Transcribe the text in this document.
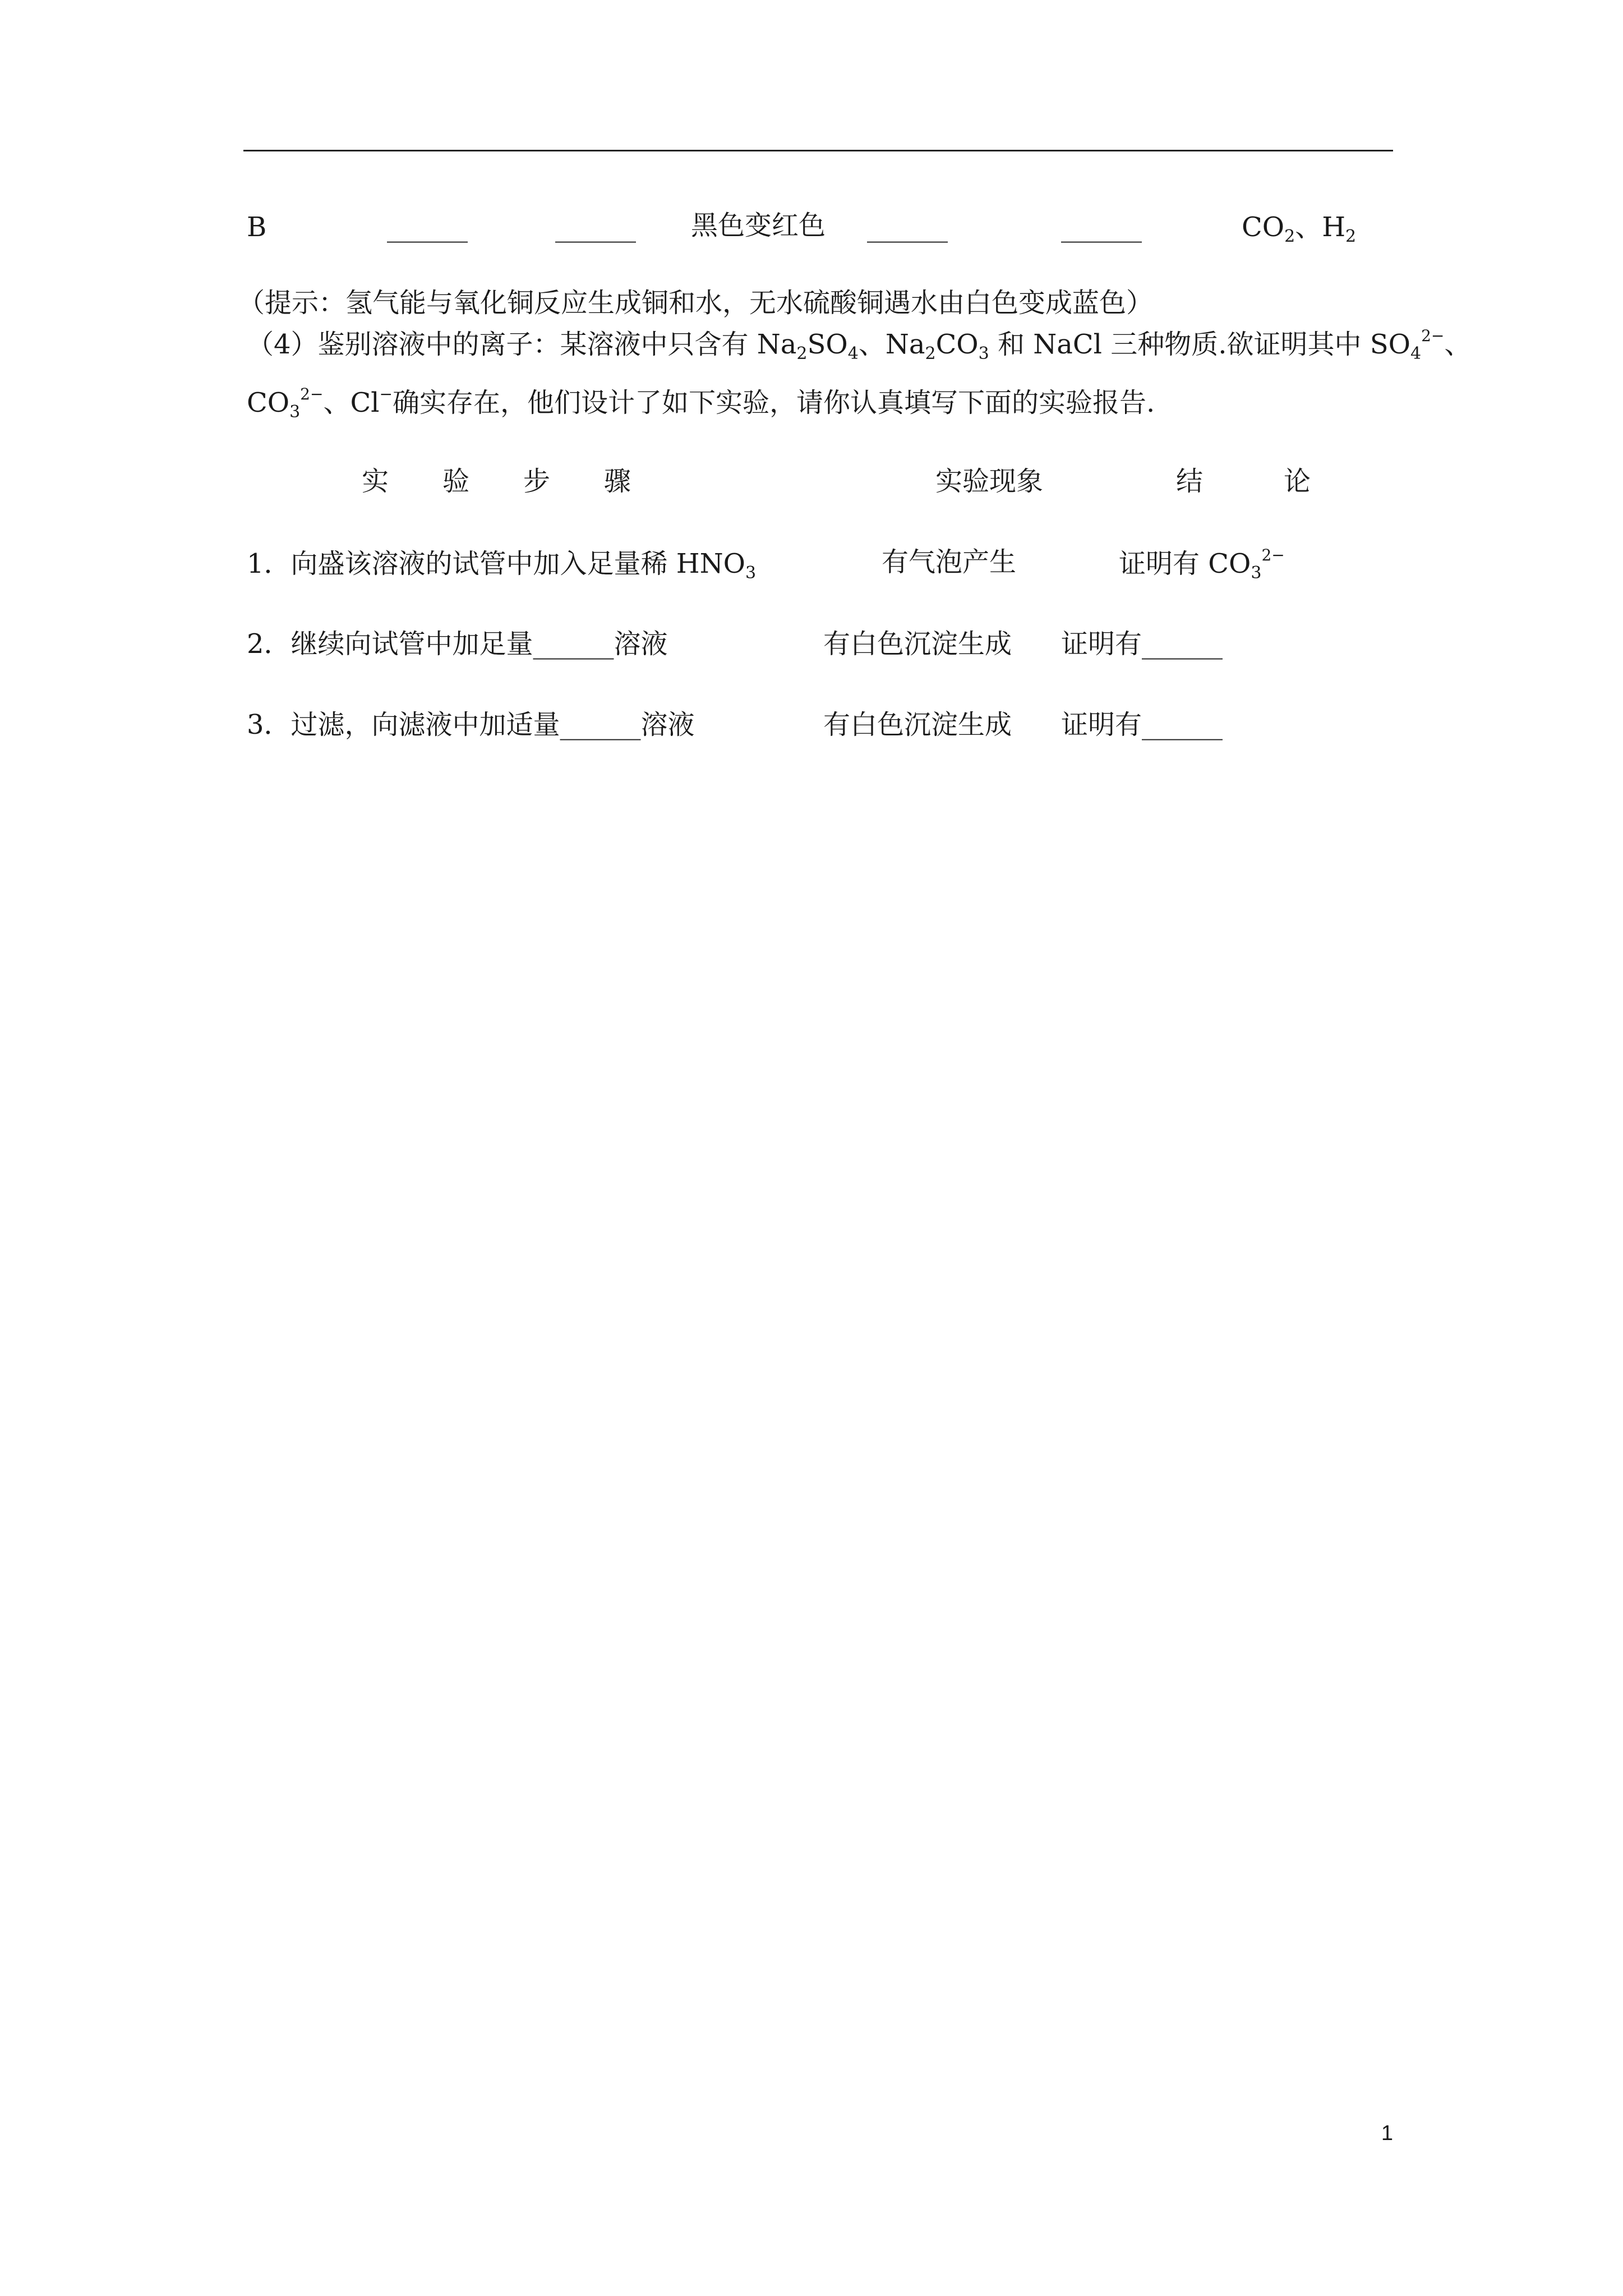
B	______	______ 黑色变红色 ______	______	$CO_2$、$H_2$
（提示：氢气能与氧化铜反应生成铜和水，无水硫酸铜遇水由白色变成蓝色）
（4）鉴别溶液中的离子：某溶液中只含有 $Na_2SO_4$、$Na_2CO_3$ 和 NaCl 三种物质.欲证明其中 $SO_4^{2-}$、
$CO_3^{2-}$、Cl−确实存在，他们设计了如下实验，请你认真填写下面的实验报告.
实　　验　　步　　骤	实验现象	结　　　论
1．向盛该溶液的试管中加入足量稀 $HNO_3$	有气泡产生	证明有 $CO_3^{2-}$
2．继续向试管中加足量______溶液	有白色沉淀生成 证明有______
3．过滤，向滤液中加适量______溶液	有白色沉淀生成 证明有______
1
